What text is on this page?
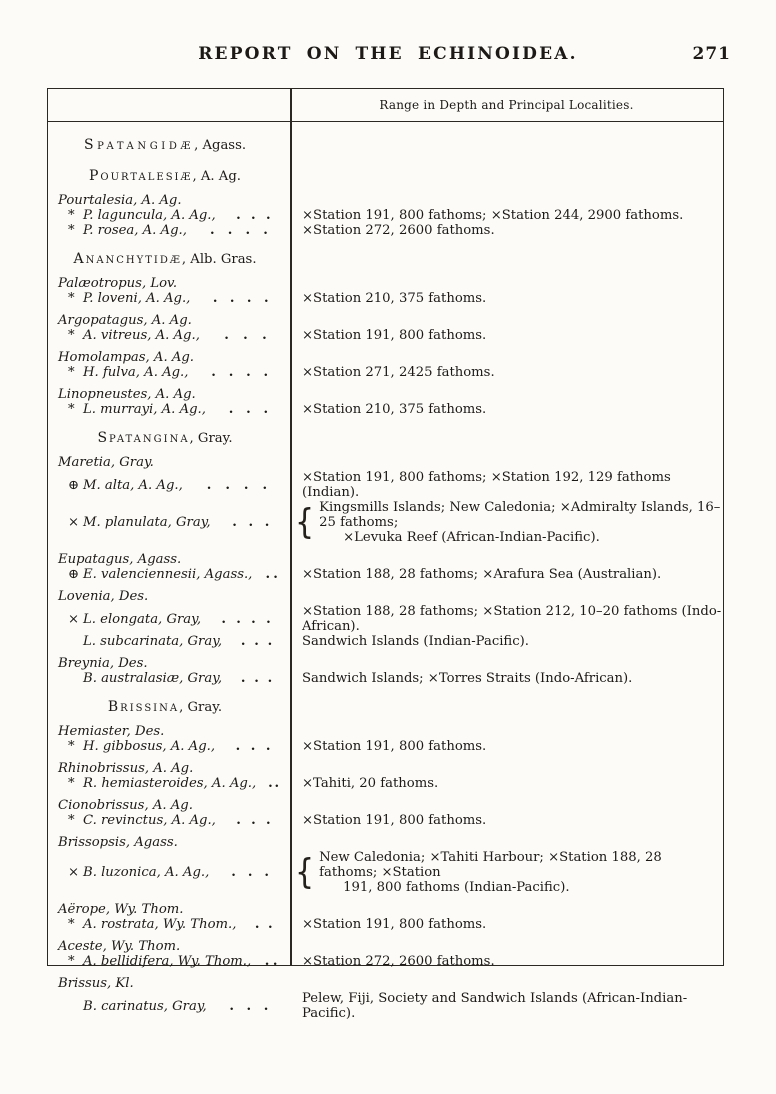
REPORT ON THE ECHINOIDEA.	271
Range in Depth and Principal Localities.
Spatangidæ, Agass.
Pourtalesiæ, A. Ag.
Pourtalesia, A. Ag.
* P. laguncula, A. Ag., . . . ×Station 191, 800 fathoms; ×Station 244, 2900 fathoms.
* P. rosea, A. Ag., . . . .	×Station 272, 2600 fathoms.
Ananchytidæ, Alb. Gras.
Palæotropus, Lov.
* P. loveni, A. Ag., . . . .	×Station 210, 375 fathoms.
Argopatagus, A. Ag.
* A. vitreus, A. Ag., . . .	×Station 191, 800 fathoms.
Homolampas, A. Ag.
* H. fulva, A. Ag., . . . .	×Station 271, 2425 fathoms.
Linopneustes, A. Ag.
* L. murrayi, A. Ag., . . .	×Station 210, 375 fathoms.
Spatangina, Gray.
Maretia, Gray.
⊕ M. alta, A. Ag., . . . .	×Station 191, 800 fathoms; ×Station 192, 129 fathoms (Indian).
× M. planulata, Gray, . . . { Kingsmills Islands; New Caledonia; ×Admiralty Islands, 16–25 fathoms;
×Levuka Reef (African-Indian-Pacific).
Eupatagus, Agass.
⊕ E. valenciennesii, Agass., . . ×Station 188, 28 fathoms; ×Arafura Sea (Australian).
Lovenia, Des.
× L. elongata, Gray, . . . . ×Station 188, 28 fathoms; ×Station 212, 10–20 fathoms (Indo-African).
L. subcarinata, Gray, . . . Sandwich Islands (Indian-Pacific).
Breynia, Des.
B. australasiæ, Gray, . . . Sandwich Islands; ×Torres Straits (Indo-African).
Brissina, Gray.
Hemiaster, Des.
* H. gibbosus, A. Ag., . . . ×Station 191, 800 fathoms.
Rhinobrissus, A. Ag.
* R. hemiasteroides, A. Ag., . . ×Tahiti, 20 fathoms.
Cionobrissus, A. Ag.
* C. revinctus, A. Ag., . . . ×Station 191, 800 fathoms.
Brissopsis, Agass.
× B. luzonica, A. Ag., . . . { New Caledonia; ×Tahiti Harbour; ×Station 188, 28 fathoms; ×Station
191, 800 fathoms (Indian-Pacific).
Aërope, Wy. Thom.
* A. rostrata, Wy. Thom., . . ×Station 191, 800 fathoms.
Aceste, Wy. Thom.
* A. bellidifera, Wy. Thom., . . ×Station 272, 2600 fathoms.
Brissus, Kl.
B. carinatus, Gray, . . .	Pelew, Fiji, Society and Sandwich Islands (African-Indian-Pacific).
